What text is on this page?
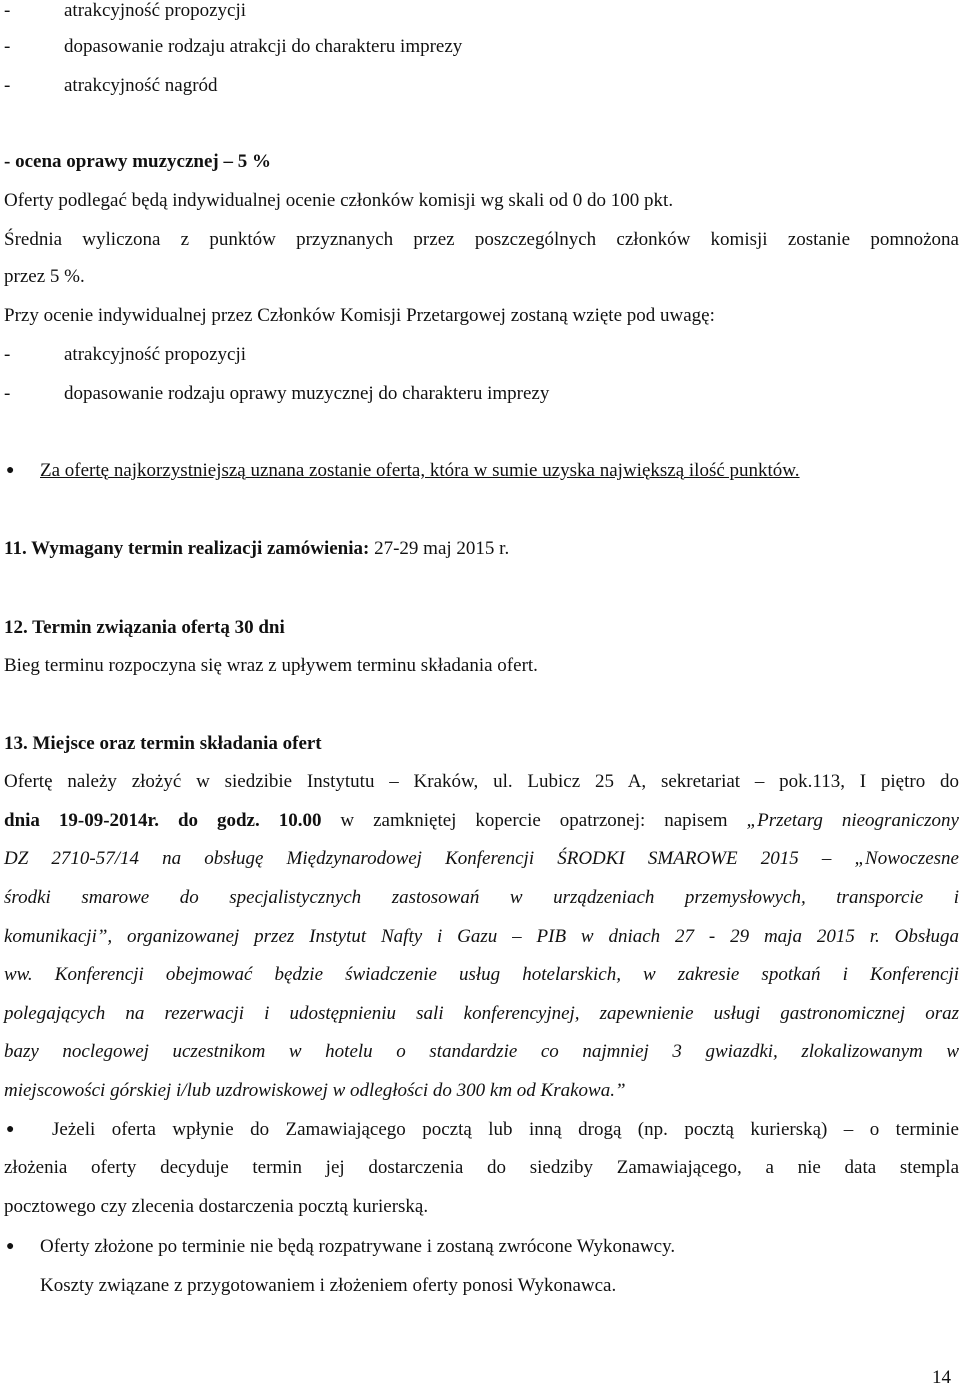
-	atrakcyjność propozycji
-	dopasowanie rodzaju atrakcji do charakteru imprezy
-	atrakcyjność nagród
- ocena oprawy muzycznej – 5 %
Oferty podlegać będą indywidualnej ocenie członków komisji wg skali od 0 do 100 pkt.
Średnia wyliczona z punktów przyznanych przez poszczególnych członków komisji zostanie pomnożona
przez 5 %.
Przy ocenie indywidualnej przez Członków Komisji Przetargowej zostaną wzięte pod uwagę:
-	atrakcyjność propozycji
-	dopasowanie rodzaju oprawy muzycznej do charakteru imprezy
● Za ofertę najkorzystniejszą uznana zostanie oferta, która w sumie uzyska największą ilość punktów.
11. Wymagany termin realizacji zamówienia: 27-29 maj 2015 r.
12. Termin związania ofertą 30 dni
Bieg terminu rozpoczyna się wraz z upływem terminu składania ofert.
13. Miejsce oraz termin składania ofert
Ofertę należy złożyć w siedzibie Instytutu – Kraków, ul. Lubicz 25 A, sekretariat – pok.113, I piętro do
dnia 19-09-2014r. do godz. 10.00 w zamkniętej kopercie opatrzonej: napisem „Przetarg nieograniczony
DZ 2710-57/14 na obsługę Międzynarodowej Konferencji ŚRODKI SMAROWE 2015 – „Nowoczesne
środki smarowe do specjalistycznych zastosowań w urządzeniach przemysłowych, transporcie i
komunikacji”, organizowanej przez Instytut Nafty i Gazu – PIB w dniach 27 - 29 maja 2015 r. Obsługa
ww. Konferencji obejmować będzie świadczenie usług hotelarskich, w zakresie spotkań i Konferencji
polegających na rezerwacji i udostępnieniu sali konferencyjnej, zapewnienie usługi gastronomicznej oraz
bazy noclegowej uczestnikom w hotelu o standardzie co najmniej 3 gwiazdki, zlokalizowanym w
miejscowości górskiej i/lub uzdrowiskowej w odległości do 300 km od Krakowa.”
● Jeżeli oferta wpłynie do Zamawiającego pocztą lub inną drogą (np. pocztą kurierską) – o terminie
złożenia oferty decyduje termin jej dostarczenia do siedziby Zamawiającego, a nie data stempla
pocztowego czy zlecenia dostarczenia pocztą kurierską.
● Oferty złożone po terminie nie będą rozpatrywane i zostaną zwrócone Wykonawcy.
Koszty związane z przygotowaniem i złożeniem oferty ponosi Wykonawca.
14
